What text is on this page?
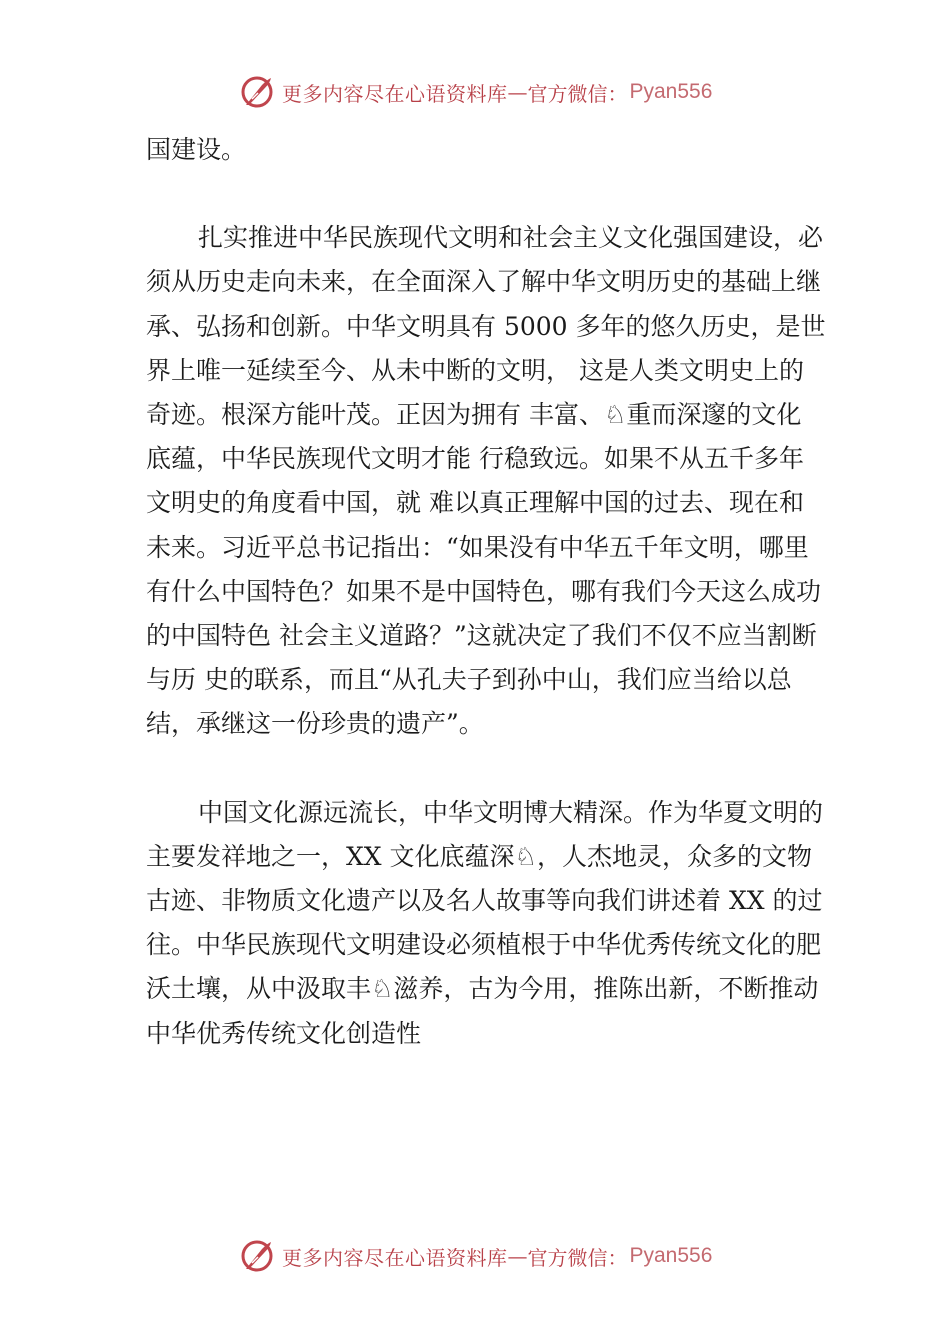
更多内容尽在心语资料库 — 官方微信： Pyan556

国建设。

扎实推进中华民族现代文明和社会主义文化强国建设，必须从历史走向未来，在全面深入了解中华文明历史的基础上继承、弘扬和创新。中华文明具有 5000 多年的悠久历史，是世界上唯一延续至今、从未中断的文明， 这是人类文明史上的奇迹。根深方能叶茂。正因为拥有 丰富、♘重而深邃的文化底蕴，中华民族现代文明才能 行稳致远。如果不从五千多年文明史的角度看中国，就 难以真正理解中国的过去、现在和未来。习近平总书记指出：“如果没有中华五千年文明，哪里有什么中国特色？如果不是中国特色，哪有我们今天这么成功的中国特色 社会主义道路？”这就决定了我们不仅不应当割断与历 史的联系，而且“从孔夫子到孙中山，我们应当给以总 结，承继这一份珍贵的遗产”。

中国文化源远流长，中华文明博大精深。作为华夏文明的主要发祥地之一，XX 文化底蕴深♘，人杰地灵，众多的文物古迹、非物质文化遗产以及名人故事等向我们讲述着 XX 的过往。中华民族现代文明建设必须植根于中华优秀传统文化的肥沃土壤，从中汲取丰♘滋养，古为今用，推陈出新，不断推动中华优秀传统文化创造性

更多内容尽在心语资料库 — 官方微信： Pyan556
